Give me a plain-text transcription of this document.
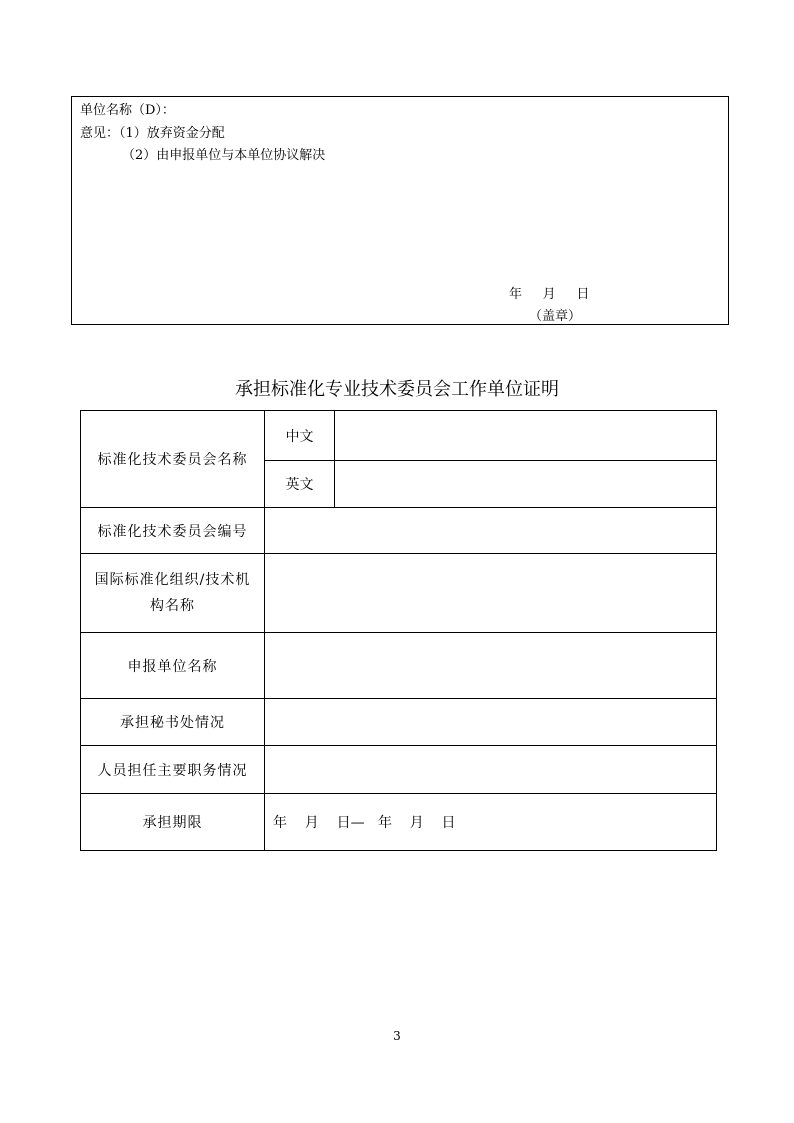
单位名称（D）：
意见：（1）放弃资金分配
（2）由申报单位与本单位协议解决
年     月     日
（盖章）
承担标准化专业技术委员会工作单位证明
标准化技术委员会名称	中文	
	英文	
标准化技术委员会编号		
国际标准化组织/技术机构名称		
申报单位名称		
承担秘书处情况		
人员担任主要职务情况		
承担期限	年    月    日—   年    月    日	
3
